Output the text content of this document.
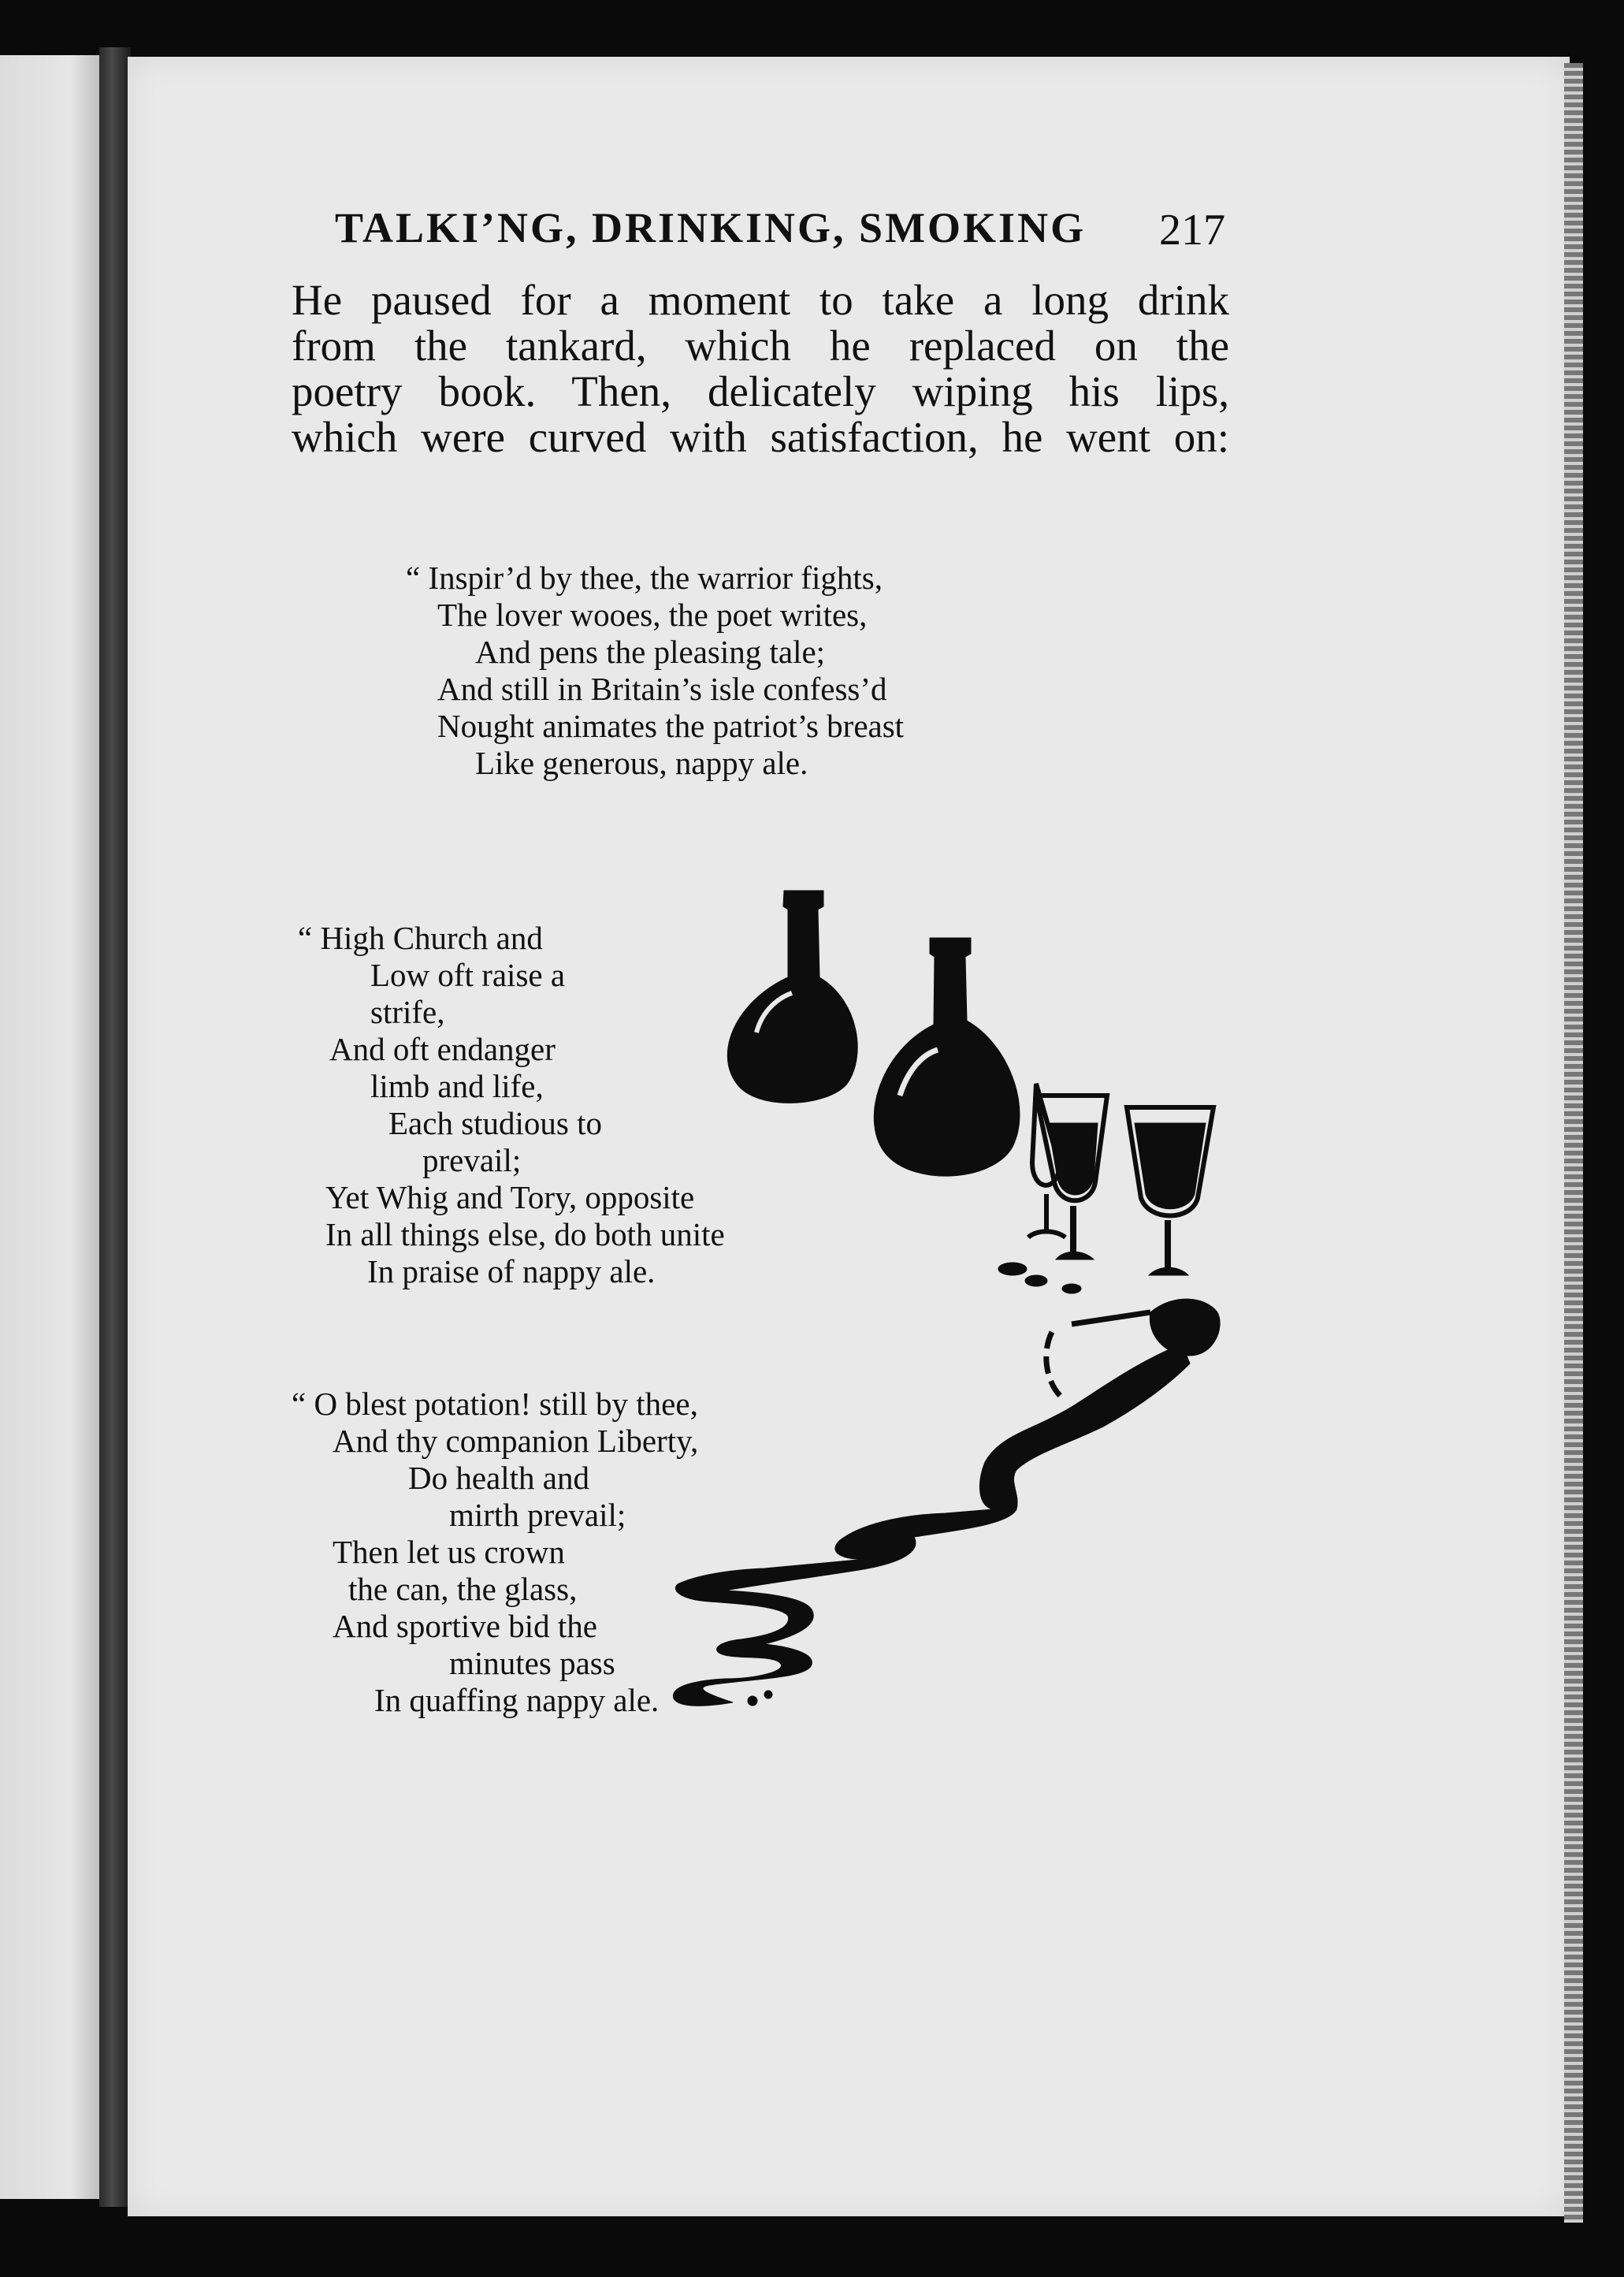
TALKI’NG, DRINKING, SMOKING 217
He paused for a moment to take a long drink
from the tankard, which he replaced on the
poetry book. Then, delicately wiping his lips,
which were curved with satisfaction, he went on:
“ Inspir’d by thee, the warrior fights,
The lover wooes, the poet writes,
And pens the pleasing tale;
And still in Britain’s isle confess’d
Nought animates the patriot’s breast
Like generous, nappy ale.
“ High Church and
Low oft raise a
strife,
And oft endanger
limb and life,
Each studious to
prevail;
Yet Whig and Tory, opposite
In all things else, do both unite
In praise of nappy ale.
“ O blest potation! still by thee,
And thy companion Liberty,
Do health and
mirth prevail;
Then let us crown
the can, the glass,
And sportive bid the
minutes pass
In quaffing nappy ale.
